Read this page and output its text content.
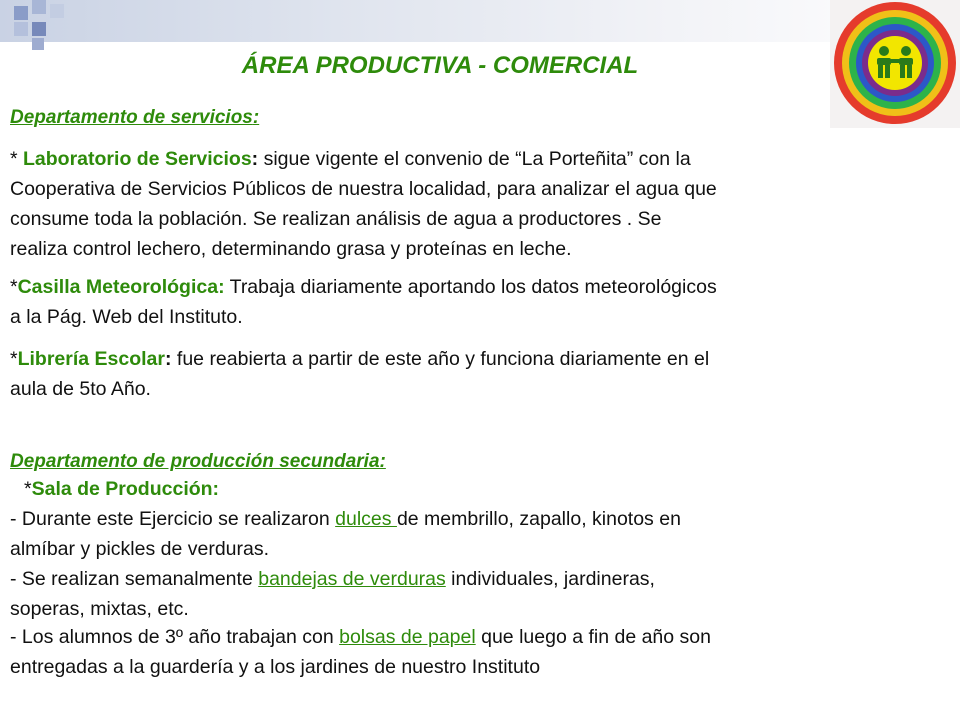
ÁREA PRODUCTIVA - COMERCIAL
Departamento de servicios:
* Laboratorio de Servicios: sigue vigente el convenio de “La Porteñita” con la
Cooperativa de Servicios Públicos de nuestra localidad, para analizar el agua que
consume toda la población. Se realizan análisis de agua a productores . Se
realiza control lechero, determinando grasa y proteínas en leche.
*Casilla Meteorológica: Trabaja diariamente aportando los datos meteorológicos
a la Pág. Web del Instituto.
*Librería Escolar: fue reabierta a partir de este año y funciona diariamente en el
aula de 5to Año.
Departamento de producción secundaria:
*Sala de Producción:
- Durante este Ejercicio se realizaron dulces de membrillo, zapallo, kinotos en
almíbar y pickles de verduras.
- Se realizan semanalmente bandejas de verduras individuales, jardineras,
soperas, mixtas, etc.
- Los alumnos de 3º año trabajan con bolsas de papel que luego a fin de año son
entregadas a la guardería y a los jardines de nuestro Instituto
